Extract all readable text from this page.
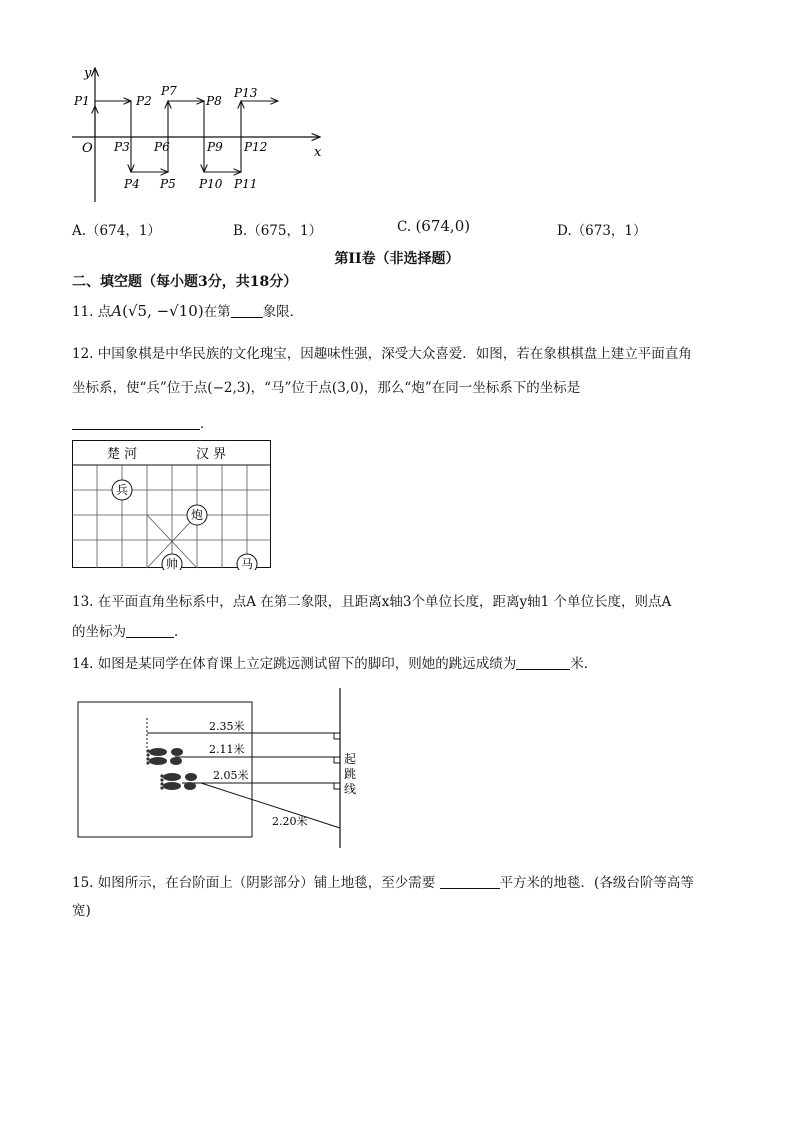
y
x
O
P1	P2
P3
P4 P5
P6
P7
P8
P9
P10 P11
P12
P13
A.（674，1）	B.（675，1）	C. (674,0)	D.（673，1）
第II卷（非选择题）
二、填空题（每小题3分，共18分）
11. 点A(√5, −√10)在第 象限．
12. 中国象棋是中华民族的文化瑰宝，因趣味性强，深受大众喜爱．如图，若在象棋棋盘上建立平面直角
坐标系，使“兵”位于点(−2,3)，“马”位于点(3,0)，那么“炮”在同一坐标系下的坐标是
．
楚 河	汉 界
兵
炮
帅	马
13. 在平面直角坐标系中，点A 在第二象限，且距离x轴3个单位长度，距离y轴1 个单位长度，则点A
的坐标为	．
14. 如图是某同学在体育课上立定跳远测试留下的脚印，则她的跳远成绩为	米．
2.35米
2.11米
2.05米
2.20米
起
跳
线
15. 如图所示，在台阶面上（阴影部分）铺上地毯，至少需要	平方米的地毯．(各级台阶等高等
宽)
